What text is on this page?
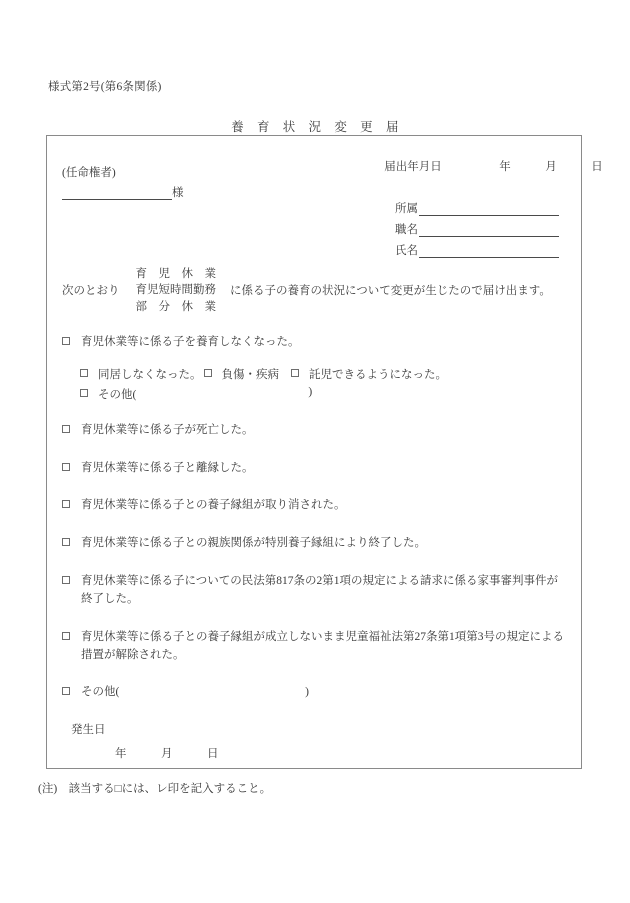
様式第2号(第6条関係)
養　育　状　況　変　更　届

届出年月日　　　　　	年　　　月　　　日

(任命権者)
様
所属
職名
氏名
次のとおり
育　児　休　業
育児短時間勤務
部　分　休　業
に係る子の養育の状況について変更が生じたので届け出ます。
育児休業等に係る子を養育しなくなった。
同居しなくなった。 負傷・疾病	託児できるようになった。
その他(	)
育児休業等に係る子が死亡した。
育児休業等に係る子と離縁した。
育児休業等に係る子との養子縁組が取り消された。
育児休業等に係る子との親族関係が特別養子縁組により終了した。
育児休業等に係る子についての民法第817条の2第1項の規定による請求に係る家事審判事件が終了した。
育児休業等に係る子との養子縁組が成立しないまま児童福祉法第27条第1項第3号の規定による措置が解除された。
その他(	)
発生日
年　　　月　　　日
(注)　該当する□には、レ印を記入すること。
